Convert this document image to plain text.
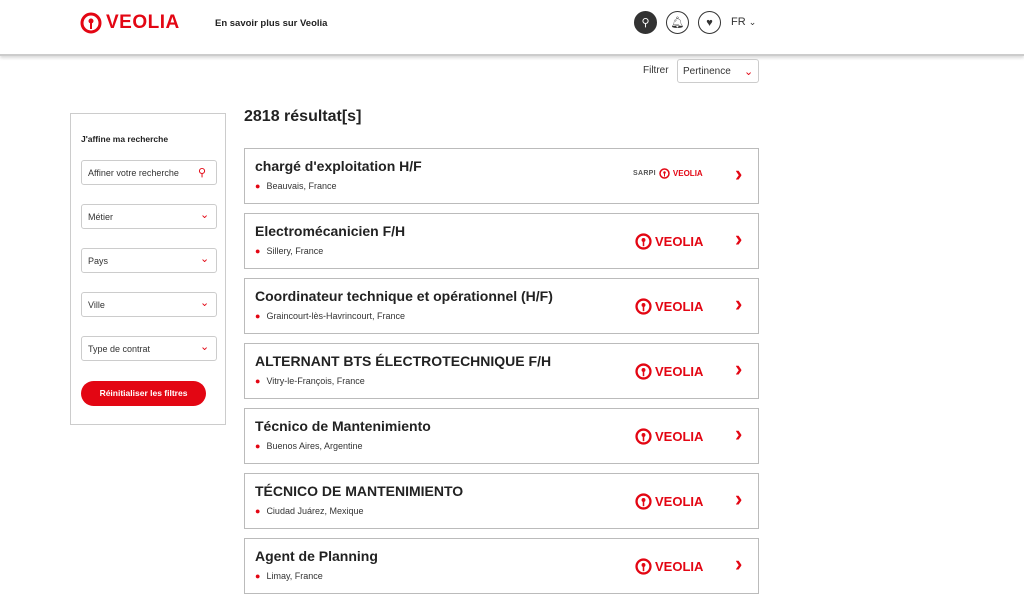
VEOLIA	En savoir plus sur Veolia	⚲ 🔔︎ ♥ FR ⌄
Filtrer	Pertinence ⌄
J'affine ma recherche
Affiner votre recherche ⚲
Métier	⌄
Pays	⌄
Ville	⌄
Type de contrat	⌄
Réinitialiser les filtres
2818 résultat[s]
chargé d'exploitation H/F
● Beauvais, France
SARPI VEOLIA ›
Electromécanicien F/H
● Sillery, France
VEOLIA ›
Coordinateur technique et opérationnel (H/F)
● Graincourt-lès-Havrincourt, France
VEOLIA ›
ALTERNANT BTS ÉLECTROTECHNIQUE F/H
● Vitry-le-François, France
VEOLIA ›
Técnico de Mantenimiento
● Buenos Aires, Argentine
VEOLIA ›
TÉCNICO DE MANTENIMIENTO
● Ciudad Juárez, Mexique
VEOLIA ›
Agent de Planning
● Limay, France
VEOLIA ›
